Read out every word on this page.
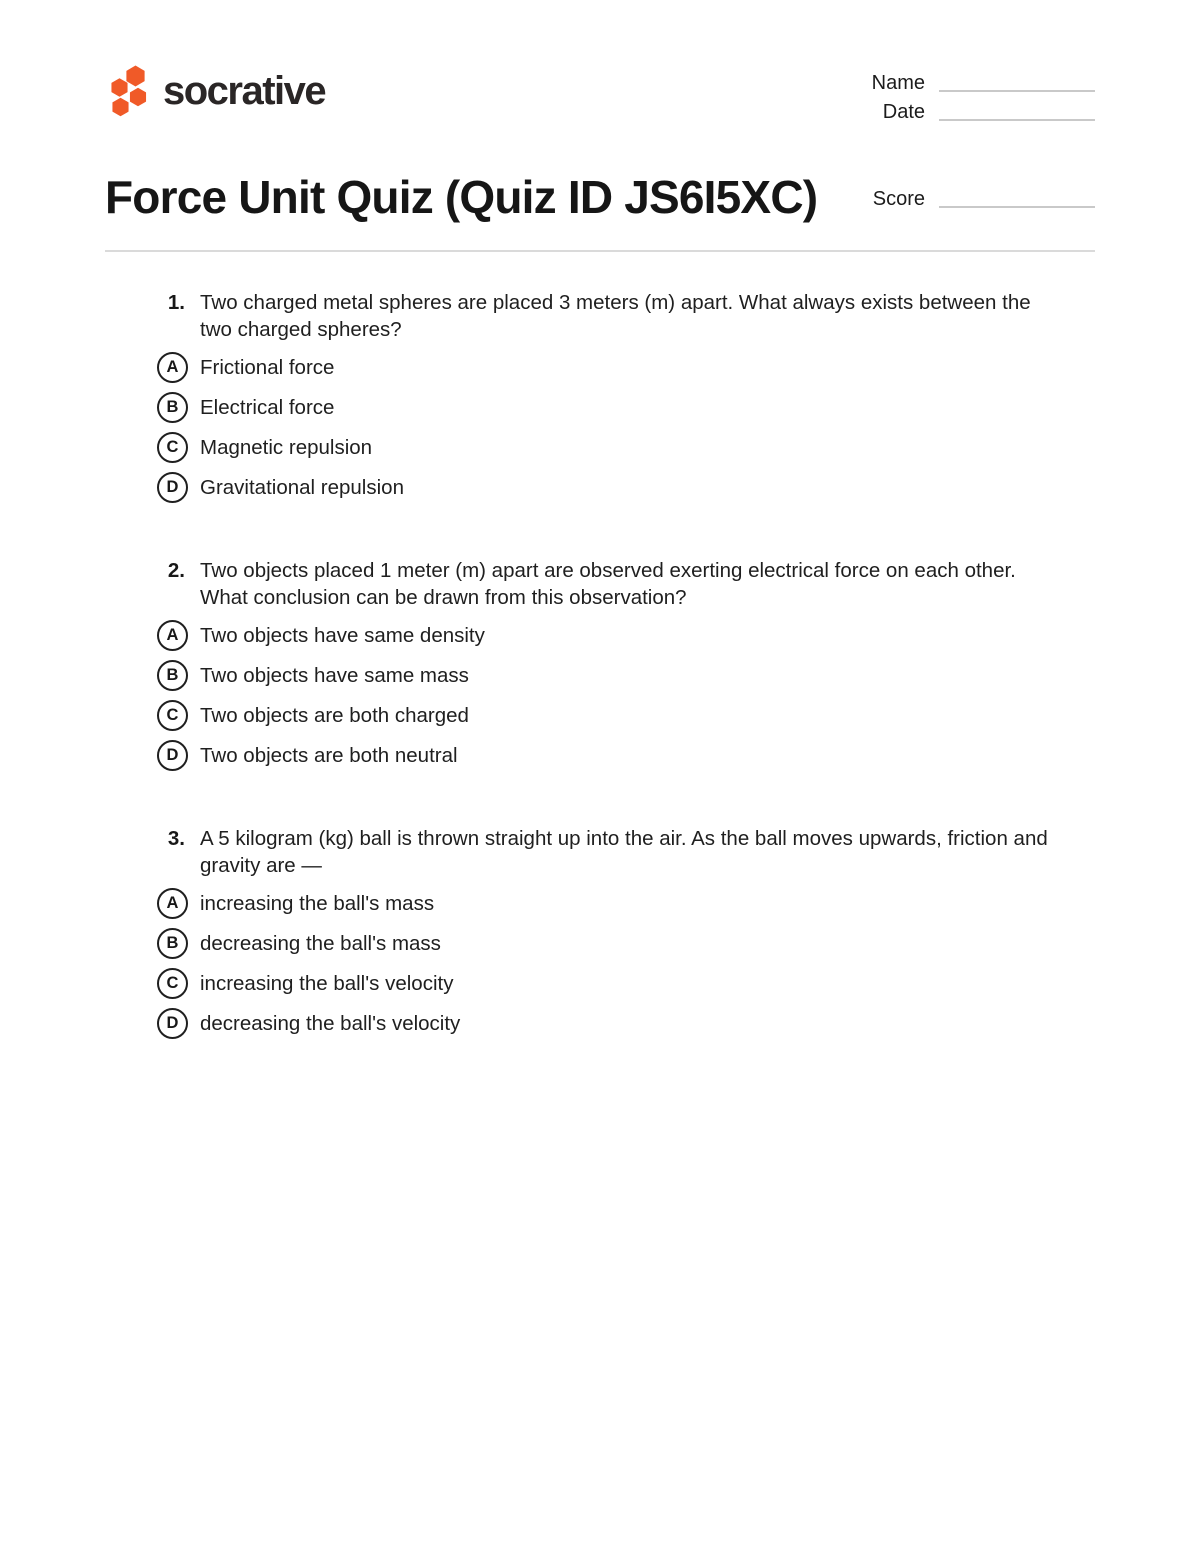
socrative	Name
Date
Force Unit Quiz (Quiz ID JS6I5XC)	Score
1. Two charged metal spheres are placed 3 meters (m) apart. What always exists between the two charged spheres?

A	Frictional force
B	Electrical force
C	Magnetic repulsion
D	Gravitational repulsion
2. Two objects placed 1 meter (m) apart are observed exerting electrical force on each other. What conclusion can be drawn from this observation?

A	Two objects have same density
B	Two objects have same mass
C	Two objects are both charged
D	Two objects are both neutral
3. A 5 kilogram (kg) ball is thrown straight up into the air. As the ball moves upwards, friction and gravity are —

A	increasing the ball's mass
B	decreasing the ball's mass
C	increasing the ball's velocity
D	decreasing the ball's velocity
